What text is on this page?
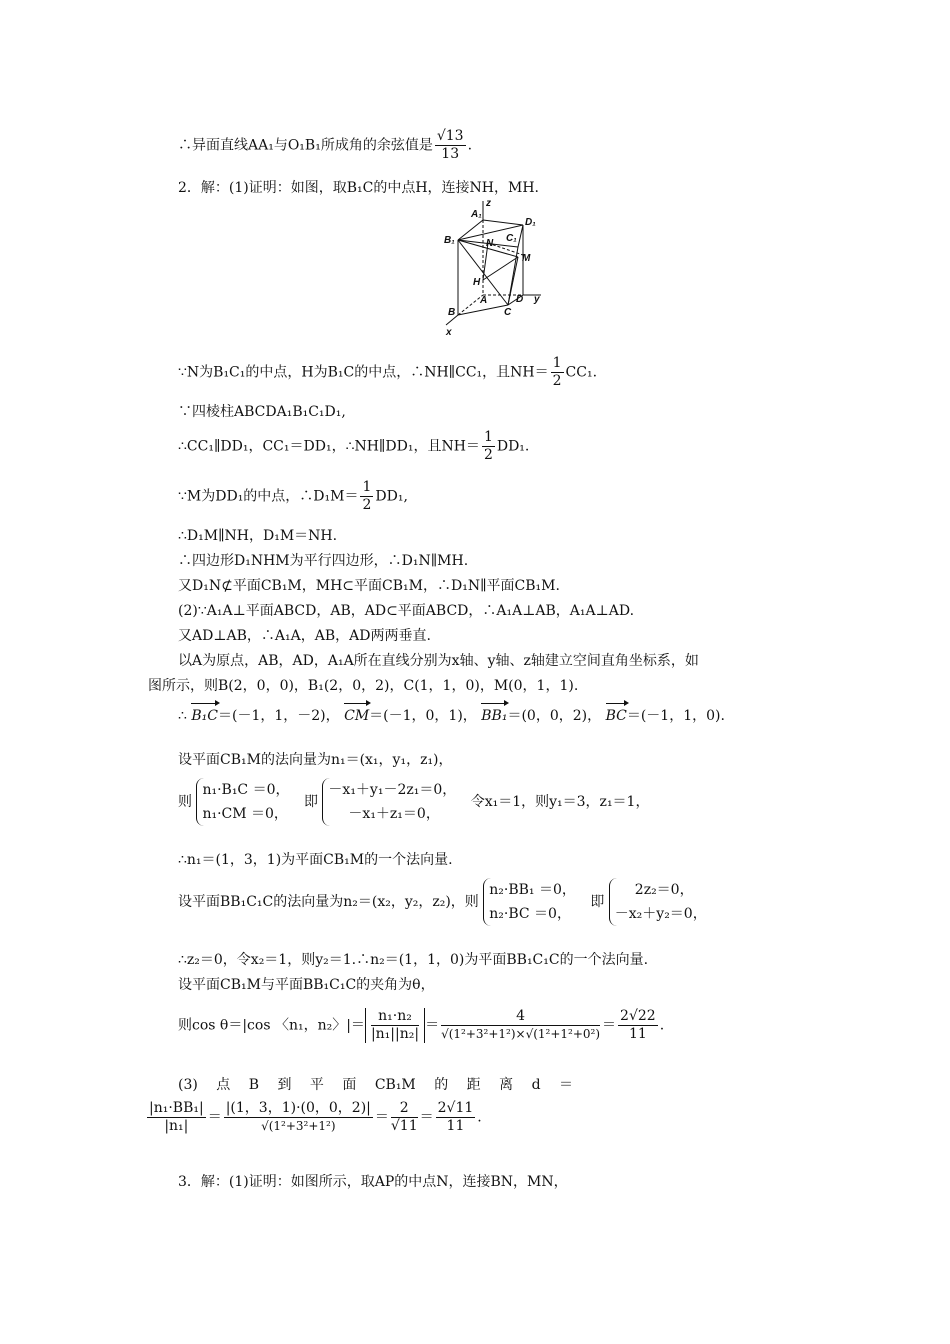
∴异面直线AA₁与O₁B₁所成角的余弦值是 $\frac{√13}{13}$ .
2．解：(1)证明：如图，取B₁C的中点H，连接NH，MH.
A₁
D₁
B₁	N C₁
M
H
A	D y
B	C
x
z
∵N为B₁C₁的中点，H为B₁C的中点，∴NH∥CC₁，且$NH= \frac{1}{2} CC_1$.
∵四棱柱ABCDA₁B₁C₁D₁,
∴CC₁∥DD₁，CC₁＝DD₁，∴NH∥DD₁，且$NH= \frac{1}{2} DD_1$.
∵M为DD₁的中点，∴D₁M＝ $\frac{1}{2} DD_1$,
∴D₁M∥NH，D₁M＝NH.
∴四边形D₁NHM为平行四边形，∴D₁N∥MH.
又D₁N⊄平面CB₁M，MH⊂平面CB₁M，∴D₁N∥平面CB₁M.
(2)∵A₁A⊥平面ABCD，AB，AD⊂平面ABCD，∴A₁A⊥AB，A₁A⊥AD.
又AD⊥AB，∴A₁A，AB，AD两两垂直.
以A为原点，AB，AD，A₁A所在直线分别为x轴、y轴、z轴建立空间直角坐标系，如
图所示，则B(2，0，0)，B₁(2，0，2)，C(1，1，0)，M(0，1，1).
∴ B₁C＝(－1，1，－2)， CM＝(－1，0，1)， BB₁＝(0，0，2)， BC＝(－1，1，0).
设平面CB₁M的法向量为n₁＝(x₁，y₁，z₁)，
则
n₁·B₁C ＝0，
n₁·CM ＝0，
即
－x₁＋y₁－2z₁＝0，
－x₁＋z₁＝0，
令x₁＝1，则y₁＝3，z₁＝1，
∴n₁＝(1，3，1)为平面CB₁M的一个法向量.
设平面BB₁C₁C的法向量为n₂＝(x₂，y₂，z₂)，则
n₂·BB₁ ＝0，
n₂·BC ＝0，
即
2z₂＝0，
－x₂＋y₂＝0，
∴z₂＝0，令x₂＝1，则y₂＝1.∴n₂＝(1，1，0)为平面BB₁C₁C的一个法向量.
设平面CB₁M与平面BB₁C₁C的夹角为θ，
则cos θ＝|cos 〈n₁，n₂〉|＝ $\frac{\text{n₁·n₂}}{\text{|n₁||n₂|}} = \frac{4}{\text{√(1²+3²+1²)×√(1²+1²+0²)}} = \frac{2√22}{11}$ .
(3) 点 B 到 平 面 CB₁M 的 距 离 d ＝
$\frac{\text{|n₁·BB₁|}}{\text{|n₁|}} = \frac{|(1,3,1)\cdot(0,0,2)|}{\text{√(1²+3²+1²)}} = \frac{2}{√11} = \frac{2√11}{11}$ .
3．解：(1)证明：如图所示，取AP的中点N，连接BN，MN，
